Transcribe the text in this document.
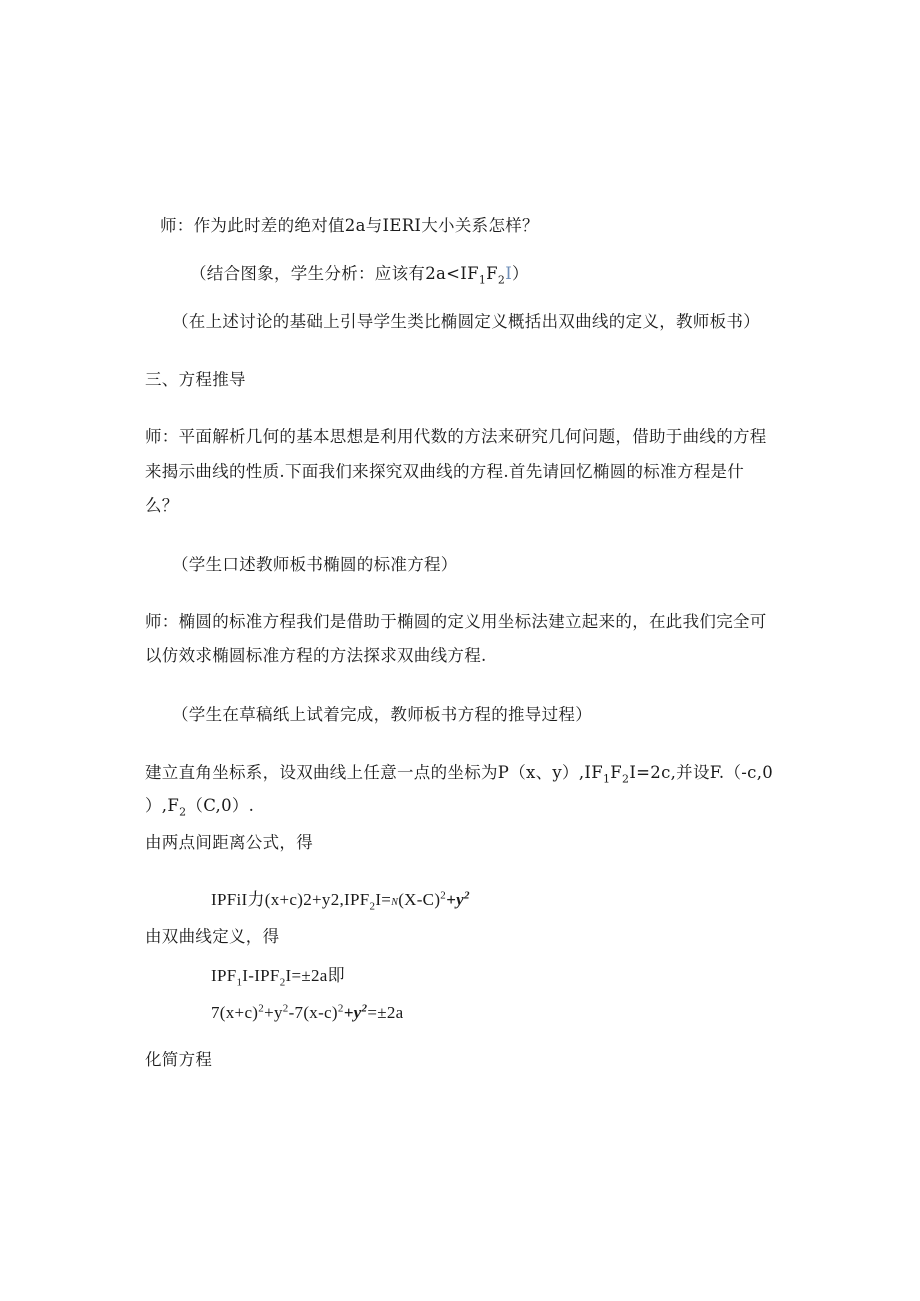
师：作为此时差的绝对值2a与IERI大小关系怎样？
（结合图象，学生分析：应该有$2a<IF_1F_2I$）
（在上述讨论的基础上引导学生类比椭圆定义概括出双曲线的定义，教师板书）
三、方程推导
师：平面解析几何的基本思想是利用代数的方法来研究几何问题，借助于曲线的方程
来揭示曲线的性质.下面我们来探究双曲线的方程.首先请回忆椭圆的标准方程是什
么？
（学生口述教师板书椭圆的标准方程）
师：椭圆的标准方程我们是借助于椭圆的定义用坐标法建立起来的，在此我们完全可
以仿效求椭圆标准方程的方法探求双曲线方程.
（学生在草稿纸上试着完成，教师板书方程的推导过程）
建立直角坐标系，设双曲线上任意一点的坐标为P（x、$y),IF_1F_2I=2c$,并设F.（-c,0
）$,F_2(C,0)$.
由两点间距离公式，得
IPFiI力$(x+c)2+y2,IPF_2I=N(X-C)^2+y^2$
由双曲线定义，得
$IPF_1I-IPF_2I=\pm 2a$即
$7(x+c)^2+y^2-7(x-c)^2+y^2=\pm 2a$
化简方程
